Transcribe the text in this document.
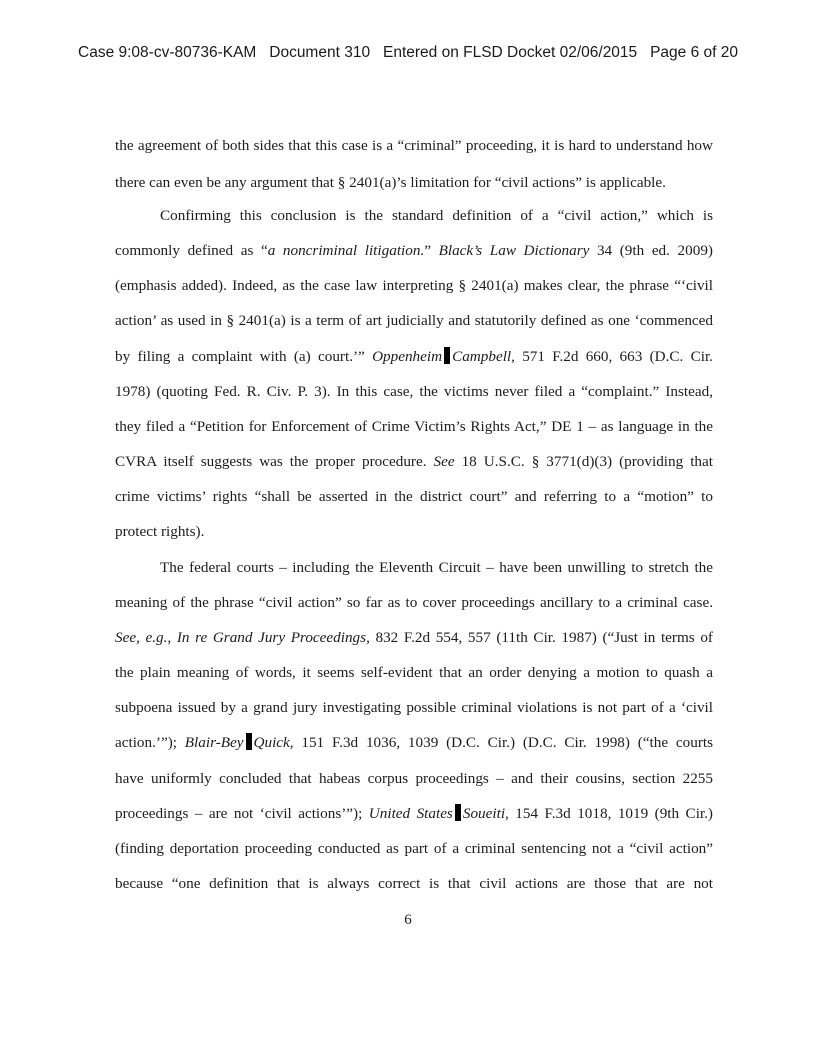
Case 9:08-cv-80736-KAM   Document 310   Entered on FLSD Docket 02/06/2015   Page 6 of 20
the agreement of both sides that this case is a “criminal” proceeding, it is hard to understand how
there can even be any argument that § 2401(a)’s limitation for “civil actions” is applicable.
Confirming this conclusion is the standard definition of a “civil action,” which is
commonly defined as “a noncriminal litigation.” Black’s Law Dictionary 34 (9th ed. 2009)
(emphasis added). Indeed, as the case law interpreting § 2401(a) makes clear, the phrase “‘civil
action’ as used in § 2401(a) is a term of art judicially and statutorily defined as one ‘commenced
by filing a complaint with (a) court.’” Oppenheim Campbell, 571 F.2d 660, 663 (D.C. Cir.
1978) (quoting Fed. R. Civ. P. 3). In this case, the victims never filed a “complaint.” Instead,
they filed a “Petition for Enforcement of Crime Victim’s Rights Act,” DE 1 – as language in the
CVRA itself suggests was the proper procedure. See 18 U.S.C. § 3771(d)(3) (providing that
crime victims’ rights “shall be asserted in the district court” and referring to a “motion” to
protect rights).
The federal courts – including the Eleventh Circuit – have been unwilling to stretch the
meaning of the phrase “civil action” so far as to cover proceedings ancillary to a criminal case.
See, e.g., In re Grand Jury Proceedings, 832 F.2d 554, 557 (11th Cir. 1987) (“Just in terms of
the plain meaning of words, it seems self-evident that an order denying a motion to quash a
subpoena issued by a grand jury investigating possible criminal violations is not part of a ‘civil
action.’”); Blair-Bey Quick, 151 F.3d 1036, 1039 (D.C. Cir.) (D.C. Cir. 1998) (“the courts
have uniformly concluded that habeas corpus proceedings – and their cousins, section 2255
proceedings – are not ‘civil actions’”); United States Soueiti, 154 F.3d 1018, 1019 (9th Cir.)
(finding deportation proceeding conducted as part of a criminal sentencing not a “civil action”
because “one definition that is always correct is that civil actions are those that are not
6
